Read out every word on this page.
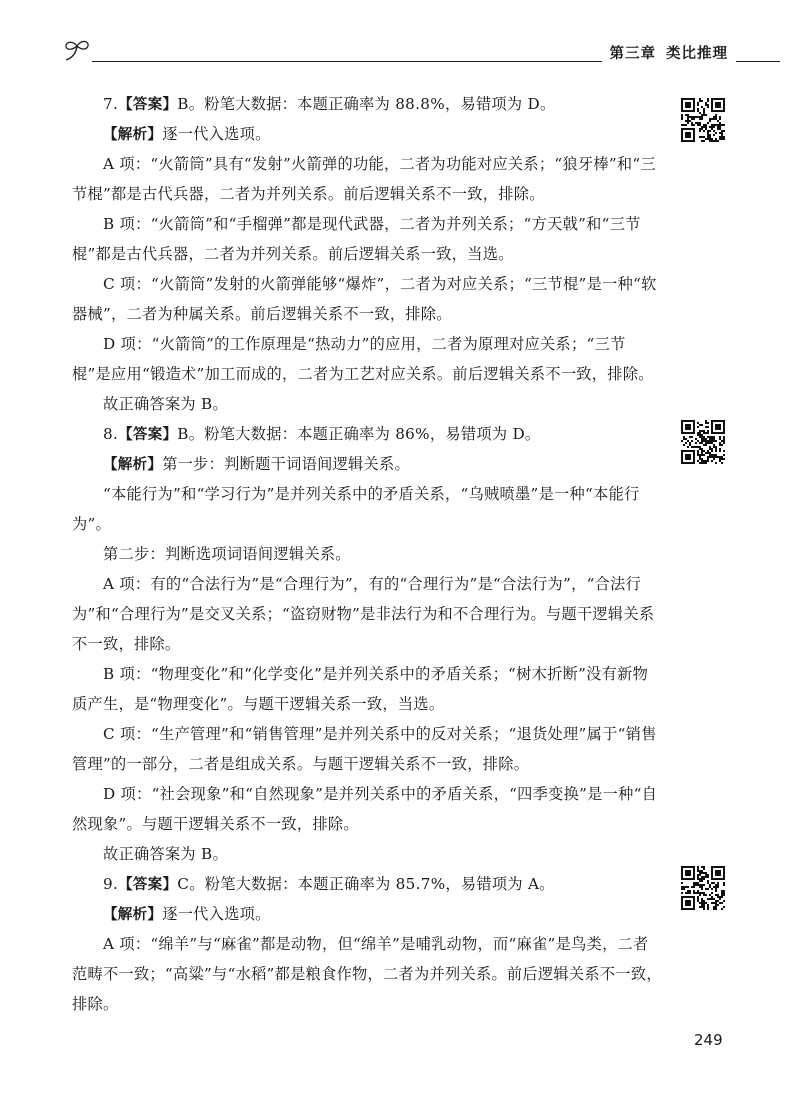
第三章 类比推理
7.【答案】B。粉笔大数据：本题正确率为 88.8%，易错项为 D。
【解析】逐一代入选项。
A 项：“火箭筒”具有“发射”火箭弹的功能，二者为功能对应关系；“狼牙棒”和“三节棍”都是古代兵器，二者为并列关系。前后逻辑关系不一致，排除。
B 项：“火箭筒”和“手榴弹”都是现代武器，二者为并列关系；“方天戟”和“三节棍”都是古代兵器，二者为并列关系。前后逻辑关系一致，当选。
C 项：“火箭筒”发射的火箭弹能够“爆炸”，二者为对应关系；“三节棍”是一种“软器械”，二者为种属关系。前后逻辑关系不一致，排除。
D 项：“火箭筒”的工作原理是“热动力”的应用，二者为原理对应关系；“三节棍”是应用“锻造术”加工而成的，二者为工艺对应关系。前后逻辑关系不一致，排除。
故正确答案为 B。
8.【答案】B。粉笔大数据：本题正确率为 86%，易错项为 D。
【解析】第一步：判断题干词语间逻辑关系。
“本能行为”和“学习行为”是并列关系中的矛盾关系，“乌贼喷墨”是一种“本能行为”。
第二步：判断选项词语间逻辑关系。
A 项：有的“合法行为”是“合理行为”，有的“合理行为”是“合法行为”，“合法行为”和“合理行为”是交叉关系；“盗窃财物”是非法行为和不合理行为。与题干逻辑关系不一致，排除。
B 项：“物理变化”和“化学变化”是并列关系中的矛盾关系；“树木折断”没有新物质产生，是“物理变化”。与题干逻辑关系一致，当选。
C 项：“生产管理”和“销售管理”是并列关系中的反对关系；“退货处理”属于“销售管理”的一部分，二者是组成关系。与题干逻辑关系不一致，排除。
D 项：“社会现象”和“自然现象”是并列关系中的矛盾关系，“四季变换”是一种“自然现象”。与题干逻辑关系不一致，排除。
故正确答案为 B。
9.【答案】C。粉笔大数据：本题正确率为 85.7%，易错项为 A。
【解析】逐一代入选项。
A 项：“绵羊”与“麻雀”都是动物，但“绵羊”是哺乳动物，而“麻雀”是鸟类，二者范畴不一致；“高粱”与“水稻”都是粮食作物，二者为并列关系。前后逻辑关系不一致，排除。
249
